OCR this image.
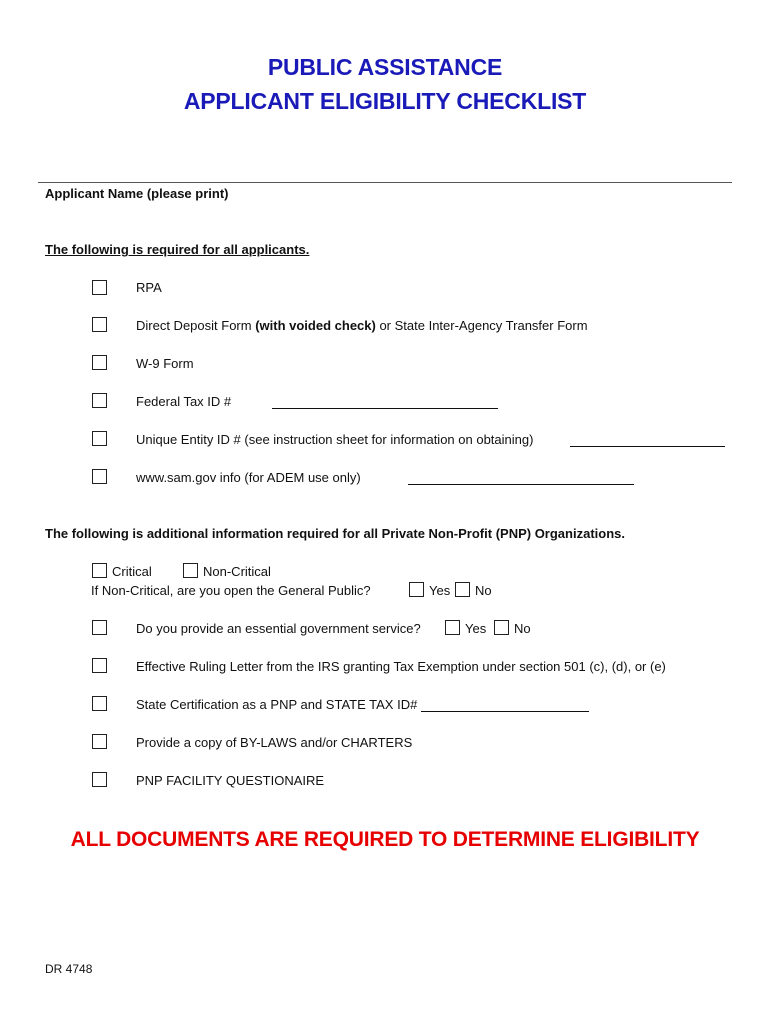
PUBLIC ASSISTANCE
APPLICANT ELIGIBILITY CHECKLIST
Applicant Name (please print)
The following is required for all applicants.
RPA
Direct Deposit Form (with voided check) or State Inter-Agency Transfer Form
W-9 Form
Federal Tax ID #
Unique Entity ID # (see instruction sheet for information on obtaining)
www.sam.gov info (for ADEM use only)
The following is additional information required for all Private Non-Profit (PNP) Organizations.
Critical	Non-Critical
If Non-Critical, are you open the General Public?	Yes No
Do you provide an essential government service?	Yes No
Effective Ruling Letter from the IRS granting Tax Exemption under section 501 (c), (d), or (e)
State Certification as a PNP and STATE TAX ID#
Provide a copy of BY-LAWS and/or CHARTERS
PNP FACILITY QUESTIONAIRE
ALL DOCUMENTS ARE REQUIRED TO DETERMINE ELIGIBILITY
DR 4748
